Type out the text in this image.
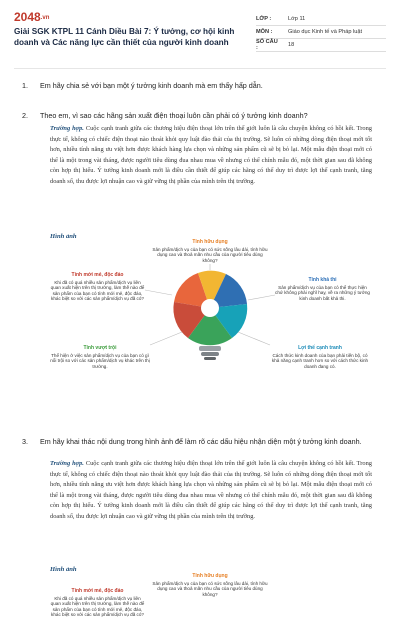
2048.vn
Giải SGK KTPL 11 Cánh Diều Bài 7: Ý tưởng, cơ hội kinh doanh và Các năng lực cần thiết của người kinh doanh
LỚP :	Lớp 11
MÔN :	Giáo dục Kinh tế và Pháp luật
SỐ CÂU :	18
1.	Em hãy chia sẻ với bạn một ý tưởng kinh doanh mà em thấy hấp dẫn.
2.	Theo em, vì sao các hãng sản xuất điện thoại luôn cần phải có ý tưởng kinh doanh?
Trường hợp. Cuộc cạnh tranh giữa các thương hiệu điện thoại lớn trên thế giới luôn là câu chuyện không có hồi kết. Trong thực tế, không có chiếc điện thoại nào thoát khỏi quy luật đào thải của thị trường. Sẽ luôn có những dòng điện thoại mới tốt hơn, nhiều tính năng ưu việt hơn được khách hàng lựa chọn và những sản phẩm cũ sẽ bị bỏ lại. Một mẫu điện thoại mới có thể là một trong vài tháng, được người tiêu dùng đua nhau mua về nhưng có thể chính mẫu đó, một thời gian sau đã không còn hợp thị hiếu. Ý tưởng kinh doanh mới là điều cần thiết để giúp các hãng có thể duy trì được lợi thế cạnh tranh, tăng doanh số, thu được lợi nhuận cao và giữ vững thị phần của mình trên thị trường.
Hình ảnh
Tính hữu dụng
Sản phẩm/dịch vụ của bạn có sức sống lâu dài, tính hữu dụng cao và thoả mãn nhu cầu của người tiêu dùng không?
Tính mới mẻ, độc đáo
Khi đã có quá nhiều sản phẩm/dịch vụ liên quan xuất hiện trên thị trường, làm thế nào để sản phẩm của bạn có tính mới mẻ, độc đáo, khác biệt so với các sản phẩm/dịch vụ đã có?
Tính khả thi
Sản phẩm/dịch vụ của bạn có thể thực hiện chứ không phải nghĩ hay, về ra những ý tưởng kinh doanh bất khả thi.
Tính vượt trội
Thể hiện ở việc sản phẩm/dịch vụ của bạn có gì nổi trội so với các sản phẩm/dịch vụ khác trên thị trường.
Lợi thế cạnh tranh
Cách thức kinh doanh của bạn phải tiến bộ, có khả năng cạnh tranh hơn so với cách thức kinh doanh đang có.
3.	Em hãy khai thác nội dung trong hình ảnh để làm rõ các dấu hiệu nhận diện một ý tưởng kinh doanh.
Trường hợp. Cuộc cạnh tranh giữa các thương hiệu điện thoại lớn trên thế giới luôn là câu chuyện không có hồi kết. Trong thực tế, không có chiếc điện thoại nào thoát khỏi quy luật đào thải của thị trường. Sẽ luôn có những dòng điện thoại mới tốt hơn, nhiều tính năng ưu việt hơn được khách hàng lựa chọn và những sản phẩm cũ sẽ bị bỏ lại. Một mẫu điện thoại mới có thể là một trong vài tháng, được người tiêu dùng đua nhau mua về nhưng có thể chính mẫu đó, một thời gian sau đã không còn hợp thị hiếu. Ý tưởng kinh doanh mới là điều cần thiết để giúp các hãng có thể duy trì được lợi thế cạnh tranh, tăng doanh số, thu được lợi nhuận cao và giữ vững thị phần của mình trên thị trường.
Hình ảnh
Tính hữu dụng
Sản phẩm/dịch vụ của bạn có sức sống lâu dài, tính hữu dụng cao và thoả mãn nhu cầu của người tiêu dùng không?
Tính mới mẻ, độc đáo
Khi đã có quá nhiều sản phẩm/dịch vụ liên quan xuất hiện trên thị trường, làm thế nào để sản phẩm của bạn có tính mới mẻ, độc đáo, khác biệt so với các sản phẩm/dịch vụ đã có?
